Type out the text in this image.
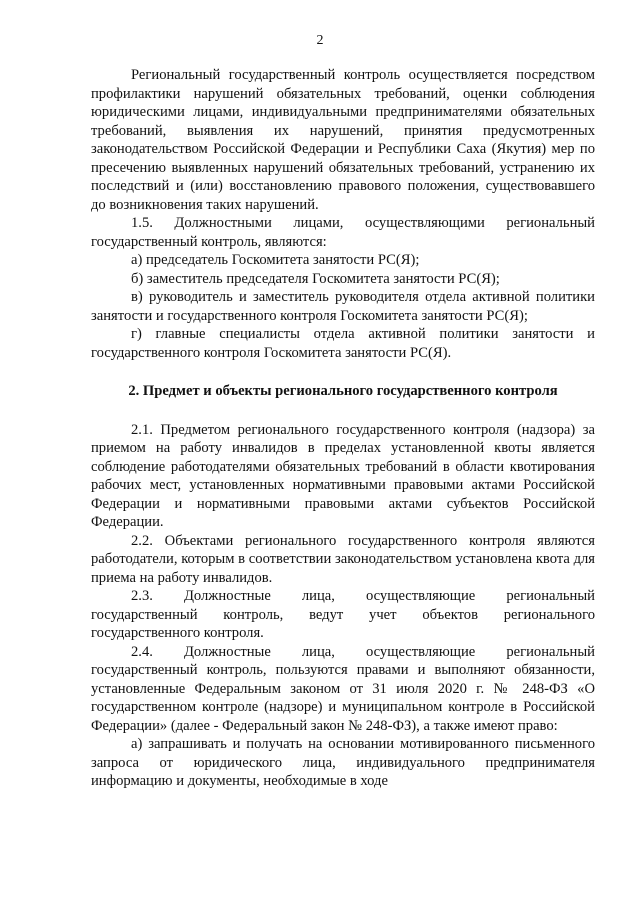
2

Региональный государственный контроль осуществляется посредством профилактики нарушений обязательных требований, оценки соблюдения юридическими лицами, индивидуальными предпринимателями обязательных требований, выявления их нарушений, принятия предусмотренных законодательством Российской Федерации и Республики Саха (Якутия) мер по пресечению выявленных нарушений обязательных требований, устранению их последствий и (или) восстановлению правового положения, существовавшего до возникновения таких нарушений.

1.5. Должностными лицами, осуществляющими региональный государственный контроль, являются:

а) председатель Госкомитета занятости РС(Я);

б) заместитель председателя Госкомитета занятости РС(Я);

в) руководитель и заместитель руководителя отдела активной политики занятости и государственного контроля Госкомитета занятости РС(Я);

г) главные специалисты отдела активной политики занятости и государственного контроля Госкомитета занятости РС(Я).

2. Предмет и объекты регионального государственного контроля

2.1. Предметом регионального государственного контроля (надзора) за приемом на работу инвалидов в пределах установленной квоты является соблюдение работодателями обязательных требований в области квотирования рабочих мест, установленных нормативными правовыми актами Российской Федерации и нормативными правовыми актами субъектов Российской Федерации.

2.2. Объектами регионального государственного контроля являются работодатели, которым в соответствии законодательством установлена квота для приема на работу инвалидов.

2.3. Должностные лица, осуществляющие региональный государственный контроль, ведут учет объектов регионального государственного контроля.

2.4. Должностные лица, осуществляющие региональный государственный контроль, пользуются правами и выполняют обязанности, установленные Федеральным законом от 31 июля 2020 г. № 248-ФЗ «О государственном контроле (надзоре) и муниципальном контроле в Российской Федерации» (далее - Федеральный закон № 248-ФЗ), а также имеют право:

а) запрашивать и получать на основании мотивированного письменного запроса от юридического лица, индивидуального предпринимателя информацию и документы, необходимые в ходе
